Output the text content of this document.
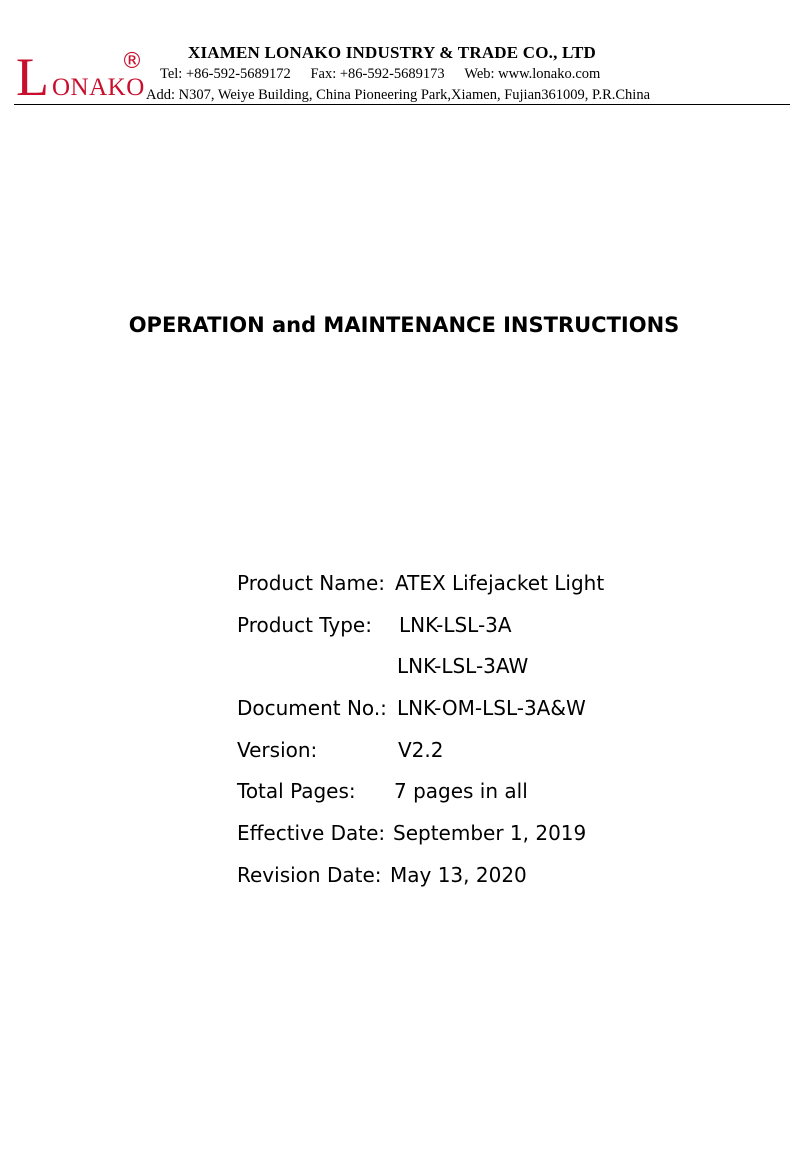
L ONAKO
®	XIAMEN LONAKO INDUSTRY & TRADE CO., LTD
Tel: +86-592-5689172 Fax: +86-592-5689173 Web: www.lonako.com
Add: N307, Weiye Building, China Pioneering Park,Xiamen, Fujian361009, P.R.China
OPERATION and MAINTENANCE INSTRUCTIONS
Product Name: ATEX Lifejacket Light
Product Type: LNK-LSL-3A
LNK-LSL-3AW
Document No.: LNK-OM-LSL-3A&W
Version:	V2.2
Total Pages: 7 pages in all
Effective Date: September 1, 2019
Revision Date: May 13, 2020
